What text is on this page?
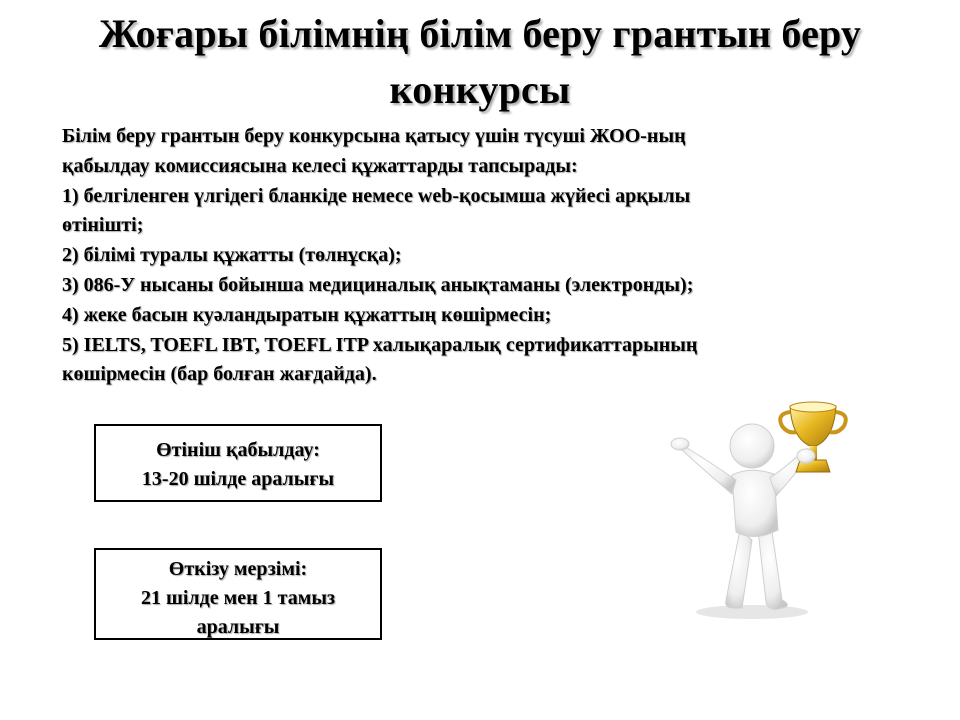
Жоғары білімнің білім беру грантын беру
конкурсы
Білім беру грантын беру конкурсына қатысу үшін түсуші ЖОО-ның
қабылдау комиссиясына келесі құжаттарды тапсырады:
1) белгіленген үлгідегі бланкіде немесе web-қосымша жүйесі арқылы
өтінішті;
2) білімі туралы құжатты (төлнұсқа);
3) 086-У нысаны бойынша медициналық анықтаманы (электронды);
4) жеке басын куәландыратын құжаттың көшірмесін;
5) IELTS, TOEFL IBT, TOEFL ITP халықаралық сертификаттарының
көшірмесін (бар болған жағдайда).
Өтініш қабылдау:
13-20 шілде аралығы
Өткізу мерзімі:
21 шілде мен 1 тамыз
аралығы
